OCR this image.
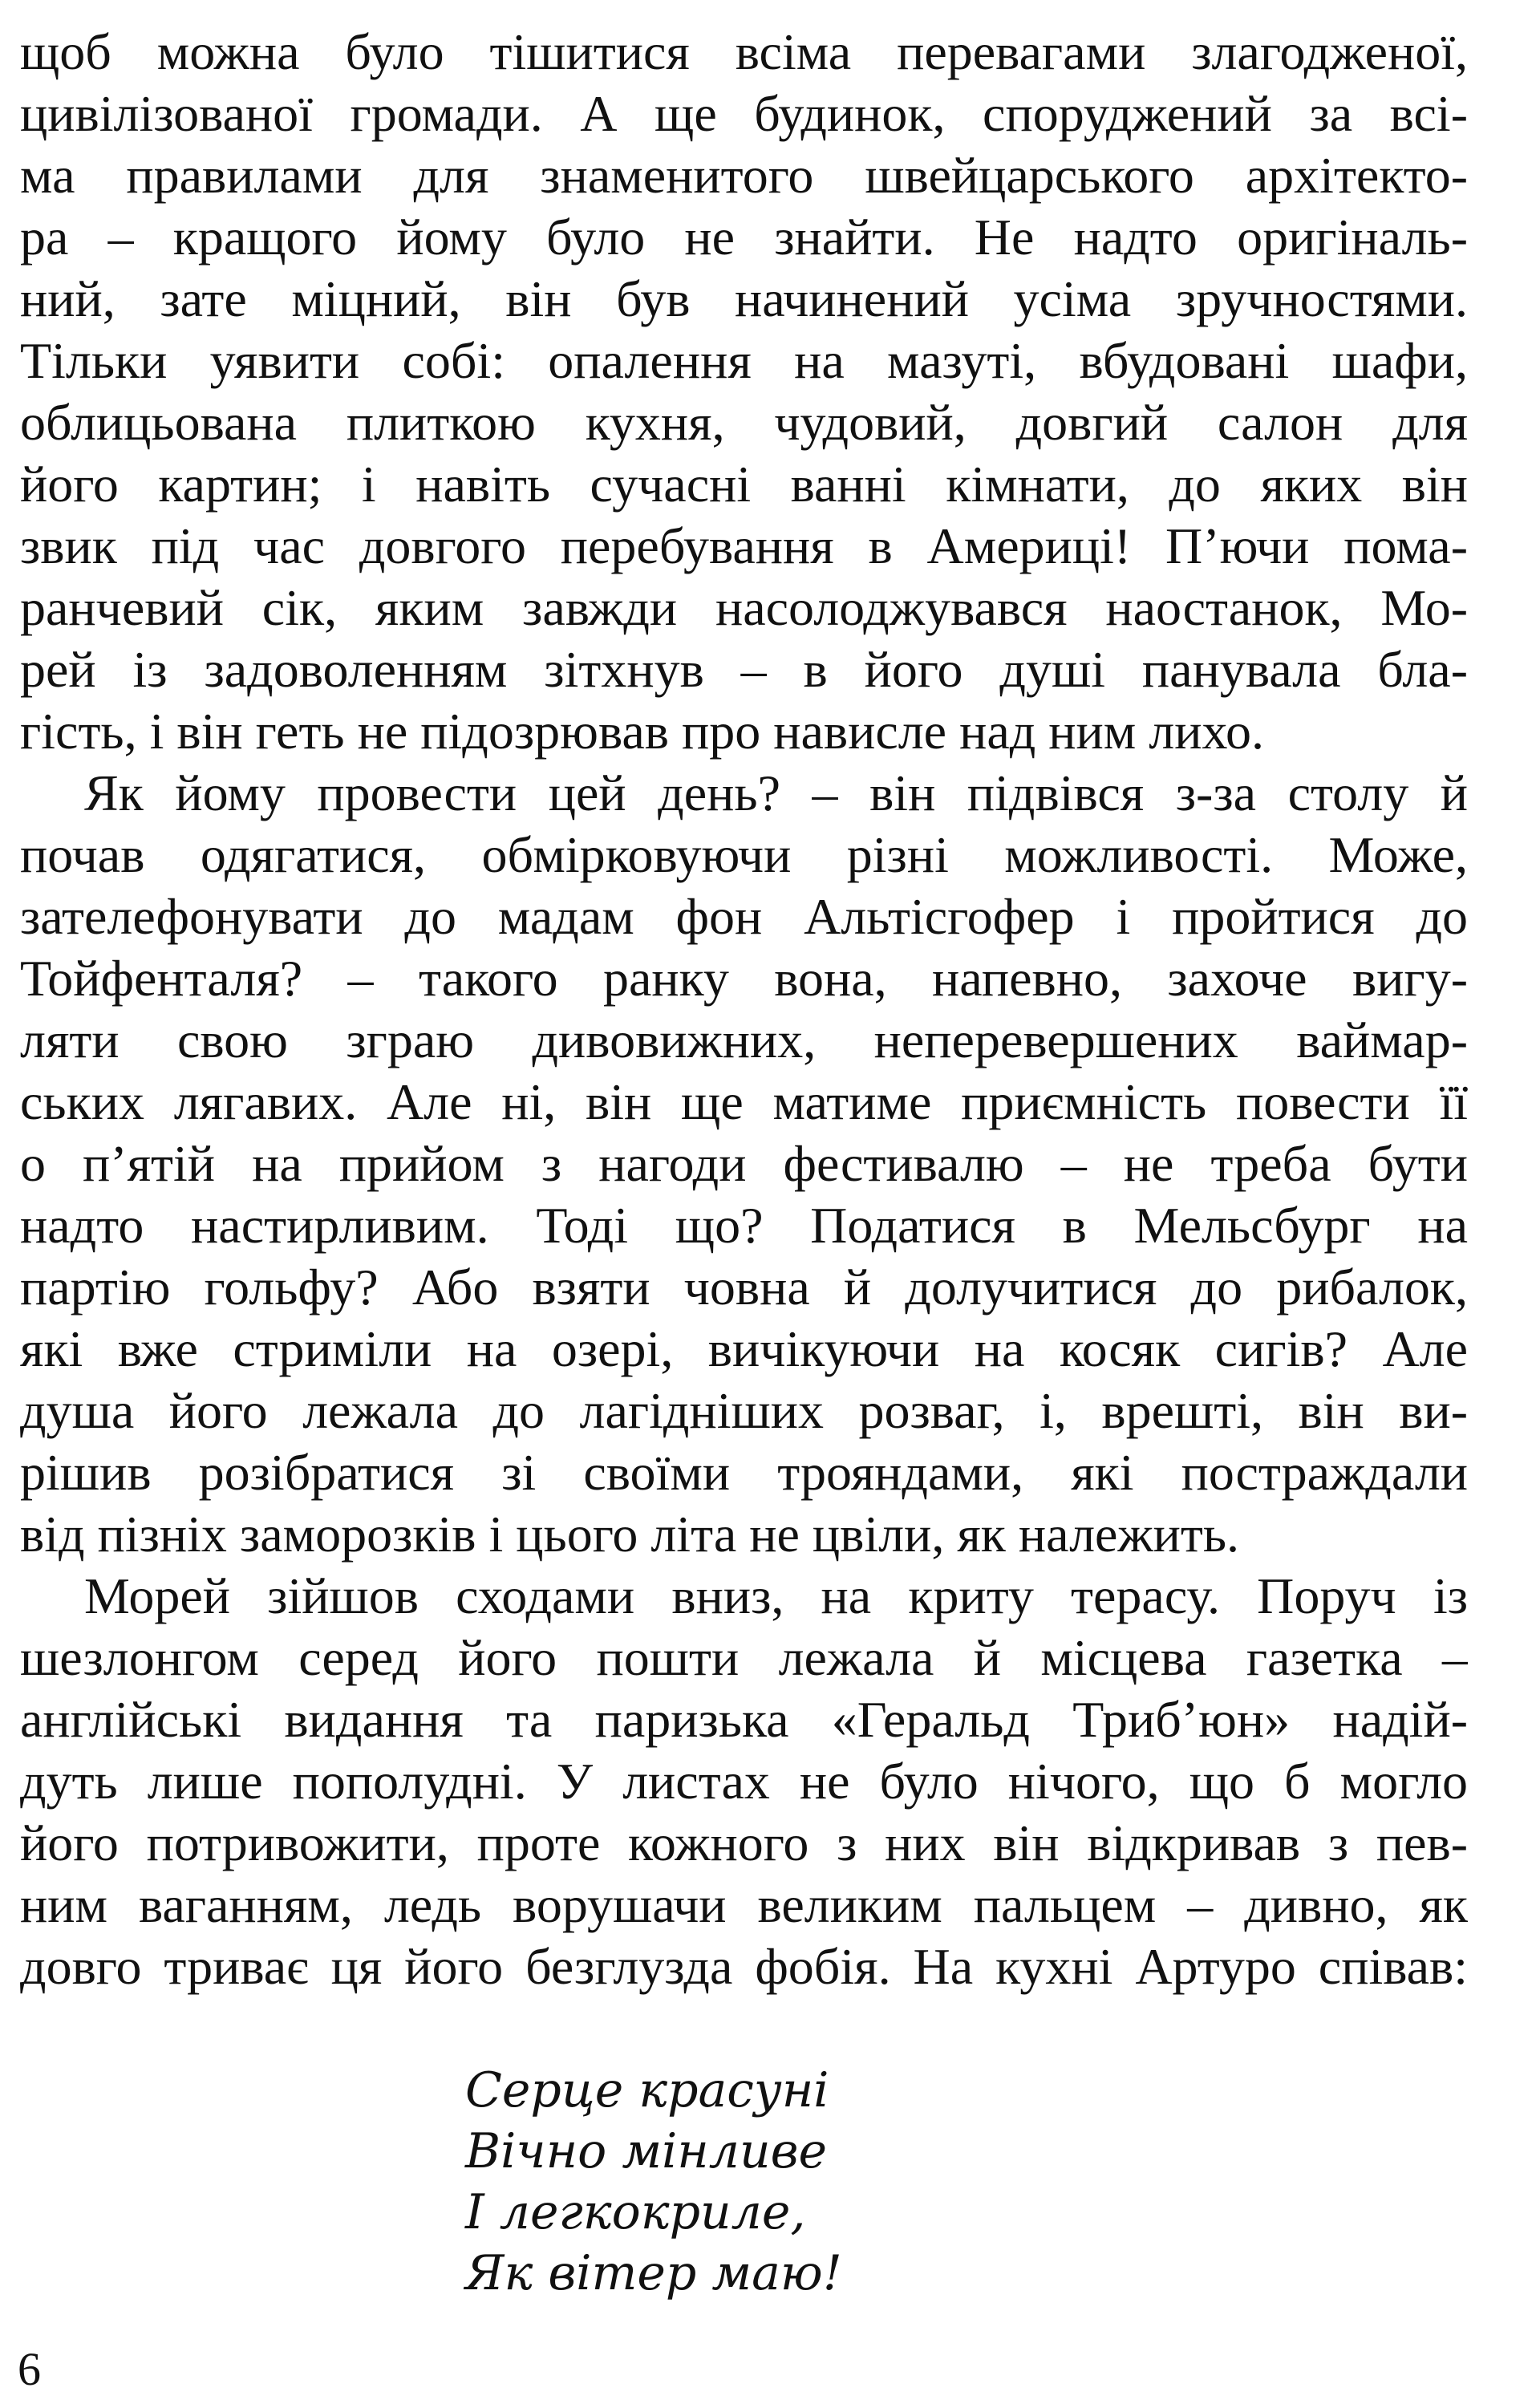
щоб можна було тішитися всіма перевагами злагодженої,
цивілізованої громади. А ще будинок, споруджений за всі-
ма правилами для знаменитого швейцарського архітекто-
ра – кращого йому було не знайти. Не надто оригіналь-
ний, зате міцний, він був начинений усіма зручностями.
Тільки уявити собі: опалення на мазуті, вбудовані шафи,
облицьована плиткою кухня, чудовий, довгий салон для
його картин; і навіть сучасні ванні кімнати, до яких він
звик під час довгого перебування в Америці! П’ючи пома-
ранчевий сік, яким завжди насолоджувався наостанок, Мо-
рей із задоволенням зітхнув – в його душі панувала бла-
гість, і він геть не підозрював про нависле над ним лихо.
Як йому провести цей день? – він підвівся з-за столу й
почав одягатися, обмірковуючи різні можливості. Може,
зателефонувати до мадам фон Альтісгофер і пройтися до
Тойфенталя? – такого ранку вона, напевно, захоче вигу-
ляти свою зграю дивовижних, неперевершених ваймар-
ських лягавих. Але ні, він ще матиме приємність повести її
о п’ятій на прийом з нагоди фестивалю – не треба бути
надто настирливим. Тоді що? Податися в Мельсбург на
партію гольфу? Або взяти човна й долучитися до рибалок,
які вже стриміли на озері, вичікуючи на косяк сигів? Але
душа його лежала до лагідніших розваг, і, врешті, він ви-
рішив розібратися зі своїми трояндами, які постраждали
від пізніх заморозків і цього літа не цвіли, як належить.
Морей зійшов сходами вниз, на криту терасу. Поруч із
шезлонгом серед його пошти лежала й місцева газетка –
англійські видання та паризька «Геральд Триб’юн» надій-
дуть лише пополудні. У листах не було нічого, що б могло
його потривожити, проте кожного з них він відкривав з пев-
ним ваганням, ледь ворушачи великим пальцем – дивно, як
довго триває ця його безглузда фобія. На кухні Артуро співав:
Серце красуні
Вічно мінливе
І легкокриле,
Як вітер маю!
6
